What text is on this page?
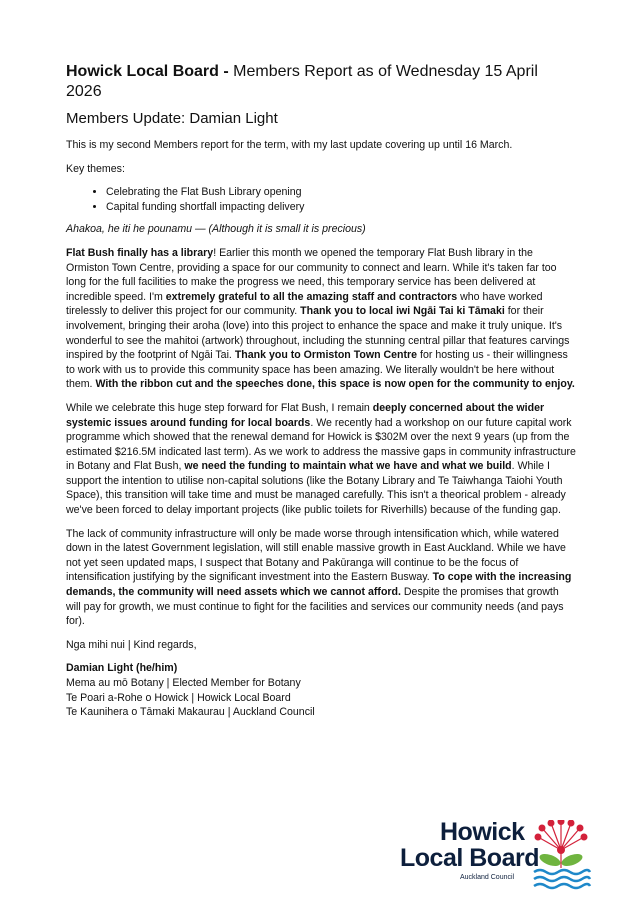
Howick Local Board - Members Report as of Wednesday 15 April 2026
Members Update: Damian Light

This is my second Members report for the term, with my last update covering up until 16 March.

Key themes:

• Celebrating the Flat Bush Library opening
• Capital funding shortfall impacting delivery

Ahakoa, he iti he pounamu — (Although it is small it is precious)

Flat Bush finally has a library! Earlier this month we opened the temporary Flat Bush library in the Ormiston Town Centre, providing a space for our community to connect and learn. While it's taken far too long for the full facilities to make the progress we need, this temporary service has been delivered at incredible speed. I'm extremely grateful to all the amazing staff and contractors who have worked tirelessly to deliver this project for our community. Thank you to local iwi Ngāi Tai ki Tāmaki for their involvement, bringing their aroha (love) into this project to enhance the space and make it truly unique. It's wonderful to see the mahitoi (artwork) throughout, including the stunning central pillar that features carvings inspired by the footprint of Ngāi Tai. Thank you to Ormiston Town Centre for hosting us - their willingness to work with us to provide this community space has been amazing. We literally wouldn't be here without them. With the ribbon cut and the speeches done, this space is now open for the community to enjoy.

While we celebrate this huge step forward for Flat Bush, I remain deeply concerned about the wider systemic issues around funding for local boards. We recently had a workshop on our future capital work programme which showed that the renewal demand for Howick is $302M over the next 9 years (up from the estimated $216.5M indicated last term). As we work to address the massive gaps in community infrastructure in Botany and Flat Bush, we need the funding to maintain what we have and what we build. While I support the intention to utilise non-capital solutions (like the Botany Library and Te Taiwhanga Taiohi Youth Space), this transition will take time and must be managed carefully. This isn't a theorical problem - already we've been forced to delay important projects (like public toilets for Riverhills) because of the funding gap.

The lack of community infrastructure will only be made worse through intensification which, while watered down in the latest Government legislation, will still enable massive growth in East Auckland. While we have not yet seen updated maps, I suspect that Botany and Pakūranga will continue to be the focus of intensification justifying by the significant investment into the Eastern Busway. To cope with the increasing demands, the community will need assets which we cannot afford. Despite the promises that growth will pay for growth, we must continue to fight for the facilities and services our community needs (and pays for).

Nga mihi nui | Kind regards,

Damian Light (he/him)

Mema au mō Botany | Elected Member for Botany

Te Poari a-Rohe o Howick | Howick Local Board

Te Kaunihera o Tāmaki Makaurau | Auckland Council

Howick
Local Board
Auckland Council
